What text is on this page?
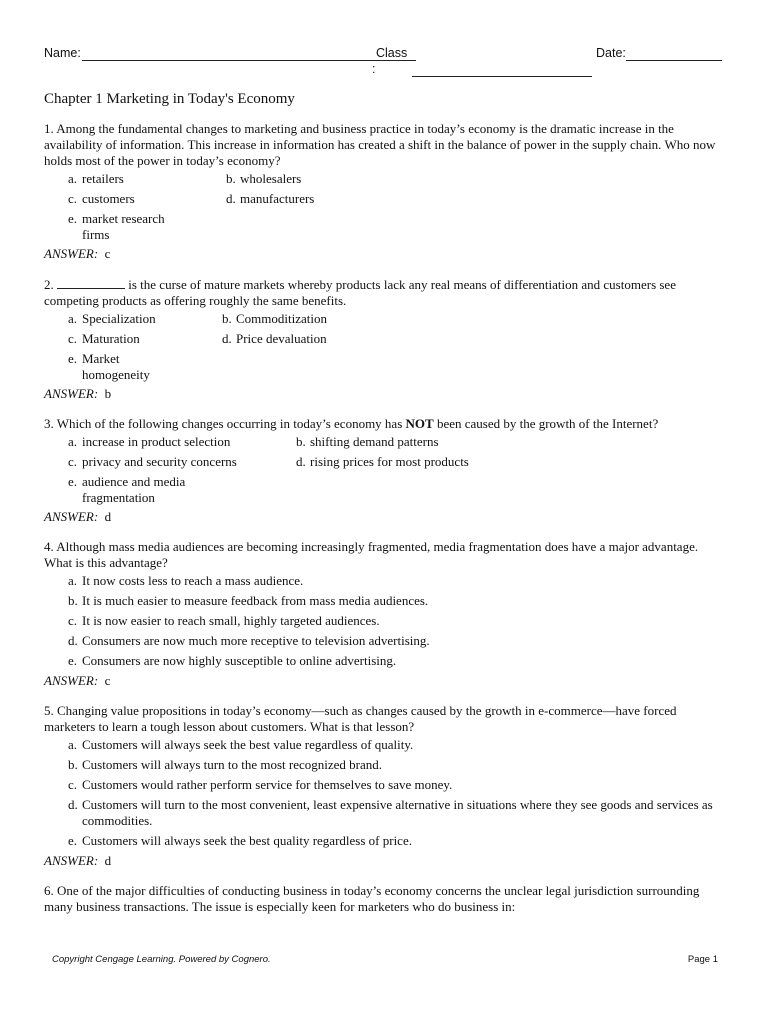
Name:	Class
:
Date:
Chapter 1 Marketing in Today's Economy

1. Among the fundamental changes to marketing and business practice in today’s economy is the dramatic increase in the availability of information. This increase in information has created a shift in the balance of power in the supply chain. Who now holds most of the power in today’s economy?

a. retailers	b. wholesalers
c. customers	d. manufacturers
e. market research firms
ANSWER: c

2.	is the curse of mature markets whereby products lack any real means of differentiation and customers see competing products as offering roughly the same benefits.

a. Specialization	b. Commoditization
c. Maturation	d. Price devaluation
e. Market homogeneity
ANSWER: b

3. Which of the following changes occurring in today’s economy has NOT been caused by the growth of the Internet?

a. increase in product selection	b. shifting demand patterns
c. privacy and security concerns	d. rising prices for most products
e. audience and media fragmentation
ANSWER: d

4. Although mass media audiences are becoming increasingly fragmented, media fragmentation does have a major advantage. What is this advantage?

a. It now costs less to reach a mass audience.
b. It is much easier to measure feedback from mass media audiences.
c. It is now easier to reach small, highly targeted audiences.
d. Consumers are now much more receptive to television advertising.
e. Consumers are now highly susceptible to online advertising.
ANSWER: c

5. Changing value propositions in today’s economy—such as changes caused by the growth in e-commerce—have forced marketers to learn a tough lesson about customers. What is that lesson?

a. Customers will always seek the best value regardless of quality.
b. Customers will always turn to the most recognized brand.
c. Customers would rather perform service for themselves to save money.
d. Customers will turn to the most convenient, least expensive alternative in situations where they see goods and services as commodities.
e. Customers will always seek the best quality regardless of price.
ANSWER: d

6. One of the major difficulties of conducting business in today’s economy concerns the unclear legal jurisdiction surrounding many business transactions. The issue is especially keen for marketers who do business in:

Copyright Cengage Learning. Powered by Cognero.	Page 1
